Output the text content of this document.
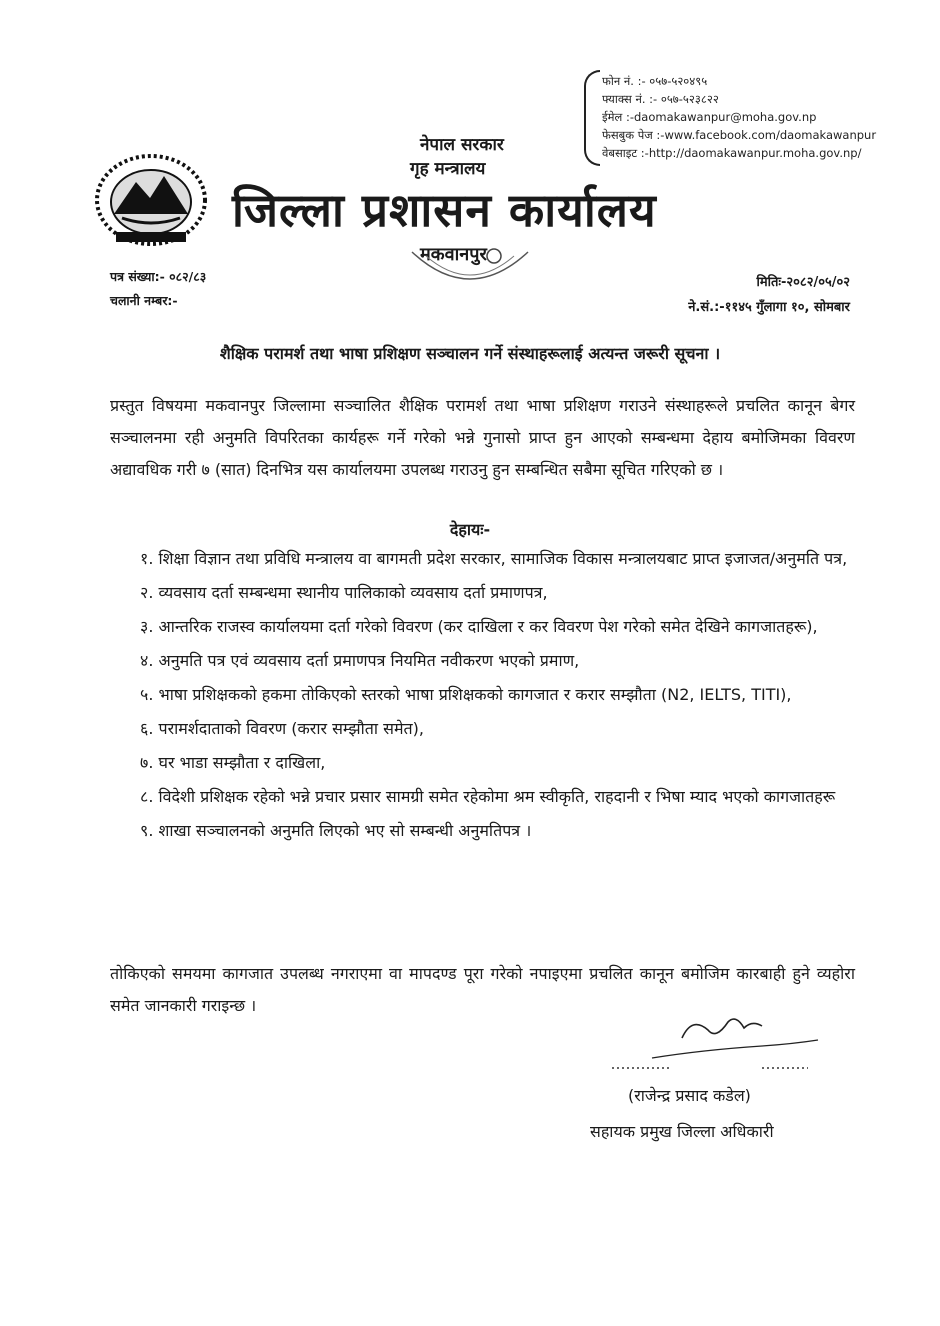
फोन नं. :- ०५७-५२०४९५
फ्याक्स नं. :- ०५७-५२३८२२
ईमेल :-daomakawanpur@moha.gov.np
फेसबुक पेज :-www.facebook.com/daomakawanpur
वेबसाइट :-http://daomakawanpur.moha.gov.np/
नेपाल सरकार
गृह मन्त्रालय
जिल्ला प्रशासन कार्यालय
मकवानपुर
पत्र संख्या:- ०८२/८३
चलानी नम्बर:-
मितिः-२०८२/०५/०२
ने.सं.:-११४५ गुँलागा १०, सोमबार
शैक्षिक परामर्श तथा भाषा प्रशिक्षण सञ्चालन गर्ने संस्थाहरूलाई अत्यन्त जरूरी सूचना ।
प्रस्तुत विषयमा मकवानपुर जिल्लामा सञ्चालित शैक्षिक परामर्श तथा भाषा प्रशिक्षण गराउने संस्थाहरूले प्रचलित कानून बेगर सञ्चालनमा रही अनुमति विपरितका कार्यहरू गर्ने गरेको भन्ने गुनासो प्राप्त हुन आएको सम्बन्धमा देहाय बमोजिमका विवरण अद्यावधिक गरी ७ (सात) दिनभित्र यस कार्यालयमा उपलब्ध गराउनु हुन सम्बन्धित सबैमा सूचित गरिएको छ ।
देहायः-
१. शिक्षा विज्ञान तथा प्रविधि मन्त्रालय वा बागमती प्रदेश सरकार, सामाजिक विकास मन्त्रालयबाट प्राप्त इजाजत/अनुमति पत्र,
२. व्यवसाय दर्ता सम्बन्धमा स्थानीय पालिकाको व्यवसाय दर्ता प्रमाणपत्र,
३. आन्तरिक राजस्व कार्यालयमा दर्ता गरेको विवरण (कर दाखिला र कर विवरण पेश गरेको समेत देखिने कागजातहरू),
४. अनुमति पत्र एवं व्यवसाय दर्ता प्रमाणपत्र नियमित नवीकरण भएको प्रमाण,
५. भाषा प्रशिक्षकको हकमा तोकिएको स्तरको भाषा प्रशिक्षकको कागजात र करार सम्झौता (N2, IELTS, TITI),
६. परामर्शदाताको विवरण (करार सम्झौता समेत),
७. घर भाडा सम्झौता र दाखिला,
८. विदेशी प्रशिक्षक रहेको भन्ने प्रचार प्रसार सामग्री समेत रहेकोमा श्रम स्वीकृति, राहदानी र भिषा म्याद भएको कागजातहरू
९. शाखा सञ्चालनको अनुमति लिएको भए सो सम्बन्धी अनुमतिपत्र ।
तोकिएको समयमा कागजात उपलब्ध नगराएमा वा मापदण्ड पूरा गरेको नपाइएमा प्रचलित कानून बमोजिम कारबाही हुने व्यहोरा समेत जानकारी गराइन्छ ।
(राजेन्द्र प्रसाद कडेल)
सहायक प्रमुख जिल्ला अधिकारी
